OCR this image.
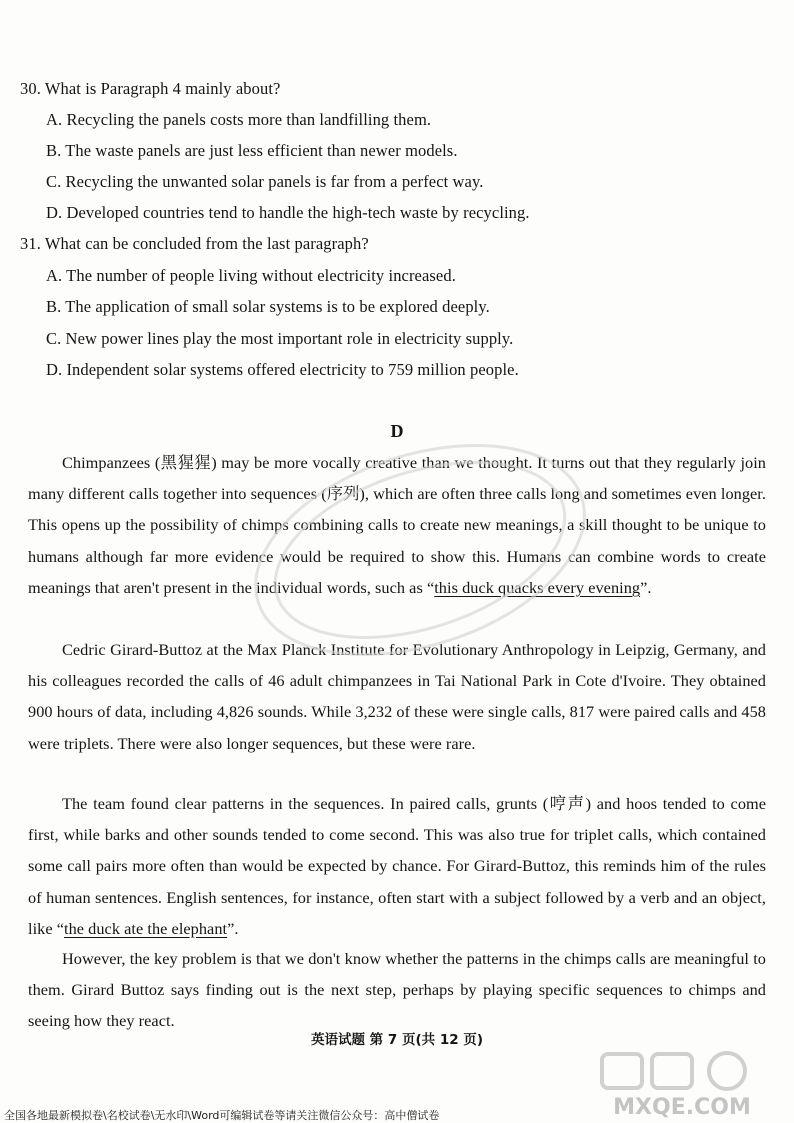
30. What is Paragraph 4 mainly about?
A. Recycling the panels costs more than landfilling them.
B. The waste panels are just less efficient than newer models.
C. Recycling the unwanted solar panels is far from a perfect way.
D. Developed countries tend to handle the high-tech waste by recycling.
31. What can be concluded from the last paragraph?
A. The number of people living without electricity increased.
B. The application of small solar systems is to be explored deeply.
C. New power lines play the most important role in electricity supply.
D. Independent solar systems offered electricity to 759 million people.
D
Chimpanzees (黑猩猩) may be more vocally creative than we thought. It turns out that they regularly join many different calls together into sequences (序列), which are often three calls long and sometimes even longer. This opens up the possibility of chimps combining calls to create new meanings, a skill thought to be unique to humans although far more evidence would be required to show this. Humans can combine words to create meanings that aren't present in the individual words, such as “this duck quacks every evening”.
Cedric Girard-Buttoz at the Max Planck Institute for Evolutionary Anthropology in Leipzig, Germany, and his colleagues recorded the calls of 46 adult chimpanzees in Tai National Park in Cote d'Ivoire. They obtained 900 hours of data, including 4,826 sounds. While 3,232 of these were single calls, 817 were paired calls and 458 were triplets. There were also longer sequences, but these were rare.
The team found clear patterns in the sequences. In paired calls, grunts (哼声) and hoos tended to come first, while barks and other sounds tended to come second. This was also true for triplet calls, which contained some call pairs more often than would be expected by chance. For Girard-Buttoz, this reminds him of the rules of human sentences. English sentences, for instance, often start with a subject followed by a verb and an object, like “the duck ate the elephant”.
However, the key problem is that we don't know whether the patterns in the chimps calls are meaningful to them. Girard Buttoz says finding out is the next step, perhaps by playing specific sequences to chimps and seeing how they react.
英语试题 第 7 页(共 12 页)
MXQE.COM
全国各地最新模拟卷\名校试卷\无水印\Word可编辑试卷等请关注微信公众号：高中僧试卷
